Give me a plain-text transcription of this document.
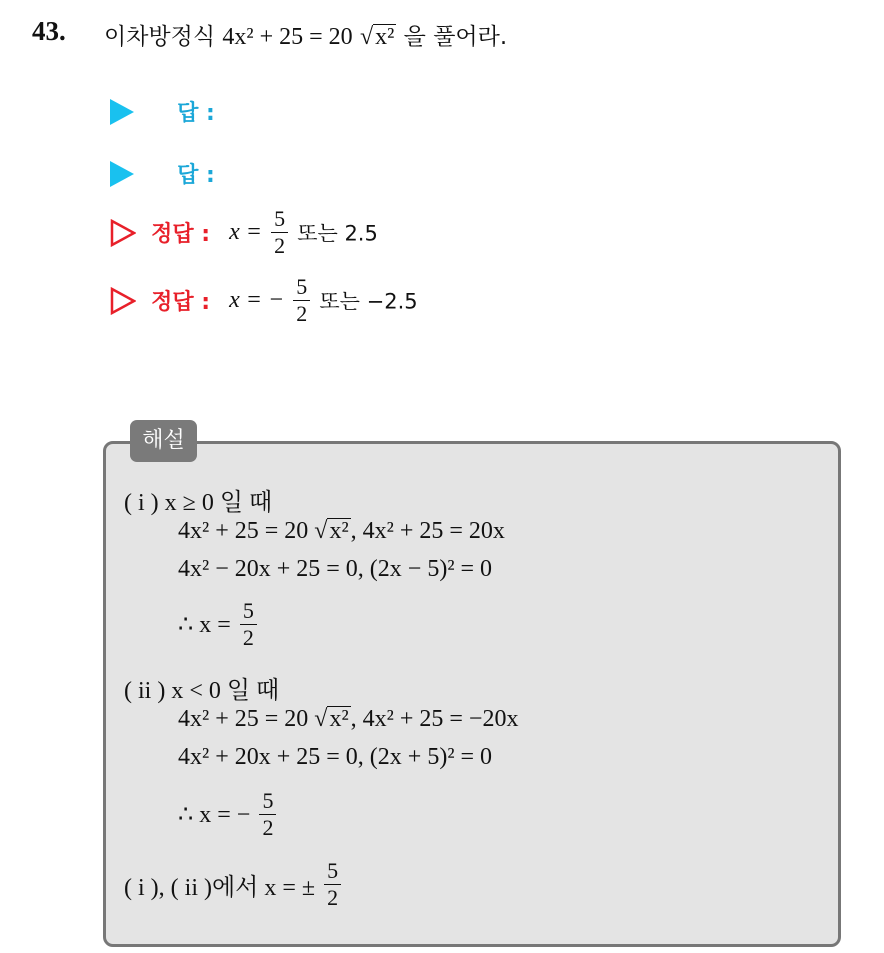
43. 이차방정식 4x² + 25 = 20 √x² 을 풀어라.
답 :
답 :
정답 : $x = \frac{5}{2}$ 또는 2.5
정답 : x = − $\frac{5}{2}$ 또는 −2.5
해설
( i ) x ≥ 0 일 때
4x² + 25 = 20 √x², 4x² + 25 = 20x
4x² − 20x + 25 = 0, (2x − 5)² = 0
∴ $x = \frac{5}{2}$
( ii ) x < 0 일 때
4x² + 25 = 20 √x², 4x² + 25 = −20x
4x² + 20x + 25 = 0, (2x + 5)² = 0
∴ x = − $\frac{5}{2}$
( i ), ( ii )에서 x = ± $\frac{5}{2}$
